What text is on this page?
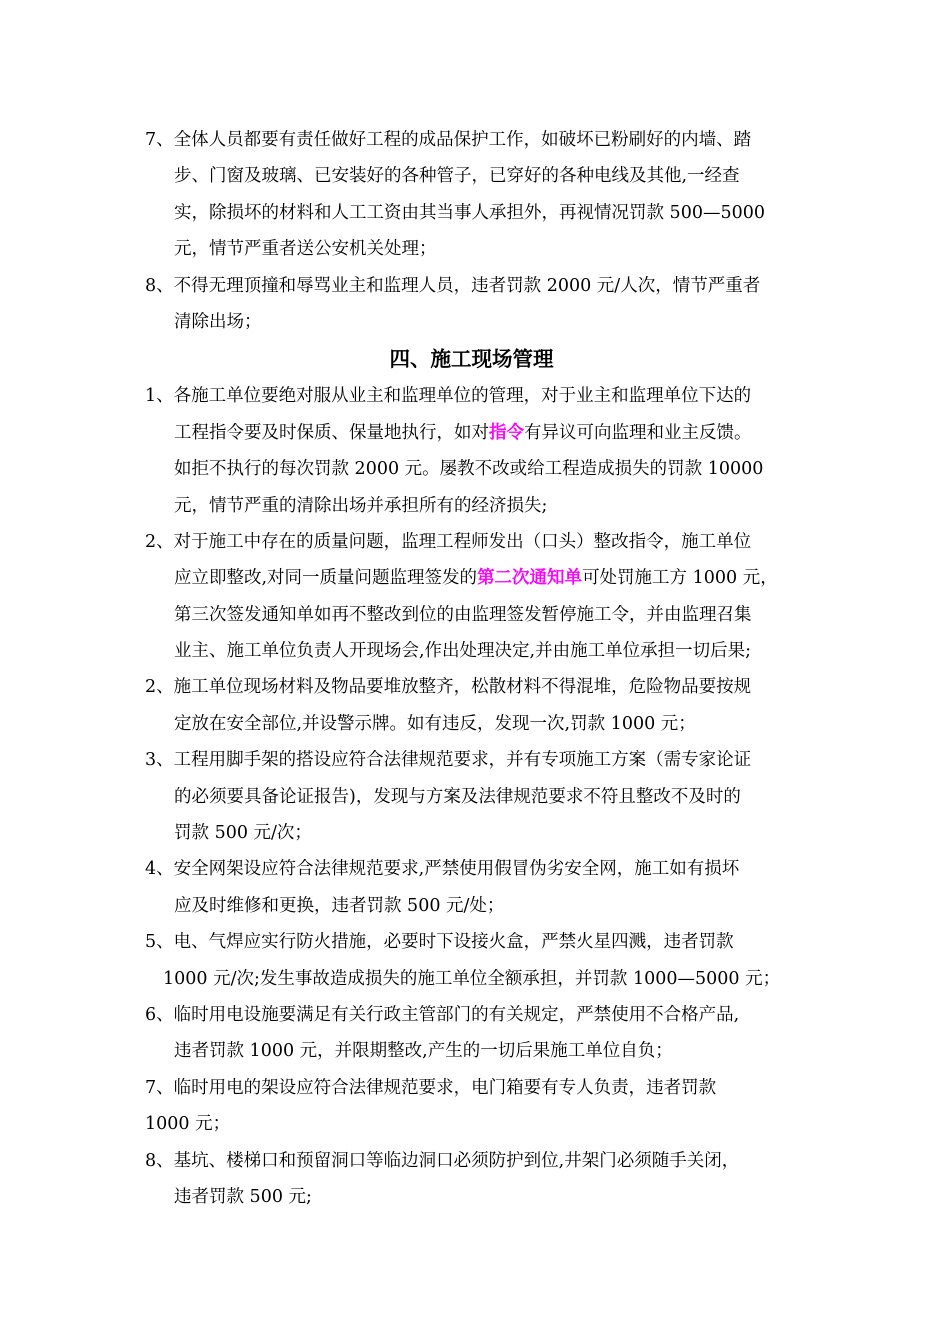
7、全体人员都要有责任做好工程的成品保护工作，如破坏已粉刷好的内墙、踏
步、门窗及玻璃、已安装好的各种管子，已穿好的各种电线及其他,一经查
实，除损坏的材料和人工工资由其当事人承担外，再视情况罚款 500—5000
元，情节严重者送公安机关处理；
8、不得无理顶撞和辱骂业主和监理人员，违者罚款 2000 元/人次，情节严重者
清除出场；
四、施工现场管理
1、各施工单位要绝对服从业主和监理单位的管理，对于业主和监理单位下达的
工程指令要及时保质、保量地执行，如对指令有异议可向监理和业主反馈。
如拒不执行的每次罚款 2000 元。屡教不改或给工程造成损失的罚款 10000
元，情节严重的清除出场并承担所有的经济损失;
2、对于施工中存在的质量问题，监理工程师发出（口头）整改指令，施工单位
应立即整改,对同一质量问题监理签发的第二次通知单可处罚施工方 1000 元，
第三次签发通知单如再不整改到位的由监理签发暂停施工令，并由监理召集
业主、施工单位负责人开现场会,作出处理决定,并由施工单位承担一切后果;
2、施工单位现场材料及物品要堆放整齐，松散材料不得混堆，危险物品要按规
定放在安全部位,并设警示牌。如有违反，发现一次,罚款 1000 元；
3、工程用脚手架的搭设应符合法律规范要求，并有专项施工方案（需专家论证
的必须要具备论证报告)，发现与方案及法律规范要求不符且整改不及时的
罚款 500 元/次；
4、安全网架设应符合法律规范要求,严禁使用假冒伪劣安全网，施工如有损坏
应及时维修和更换，违者罚款 500 元/处；
5、电、气焊应实行防火措施，必要时下设接火盒，严禁火星四溅，违者罚款
1000 元/次;发生事故造成损失的施工单位全额承担，并罚款 1000—5000 元；
6、临时用电设施要满足有关行政主管部门的有关规定，严禁使用不合格产品,
违者罚款 1000 元，并限期整改,产生的一切后果施工单位自负；
7、临时用电的架设应符合法律规范要求，电门箱要有专人负责，违者罚款
1000 元；
8、基坑、楼梯口和预留洞口等临边洞口必须防护到位,井架门必须随手关闭，
违者罚款 500 元;
